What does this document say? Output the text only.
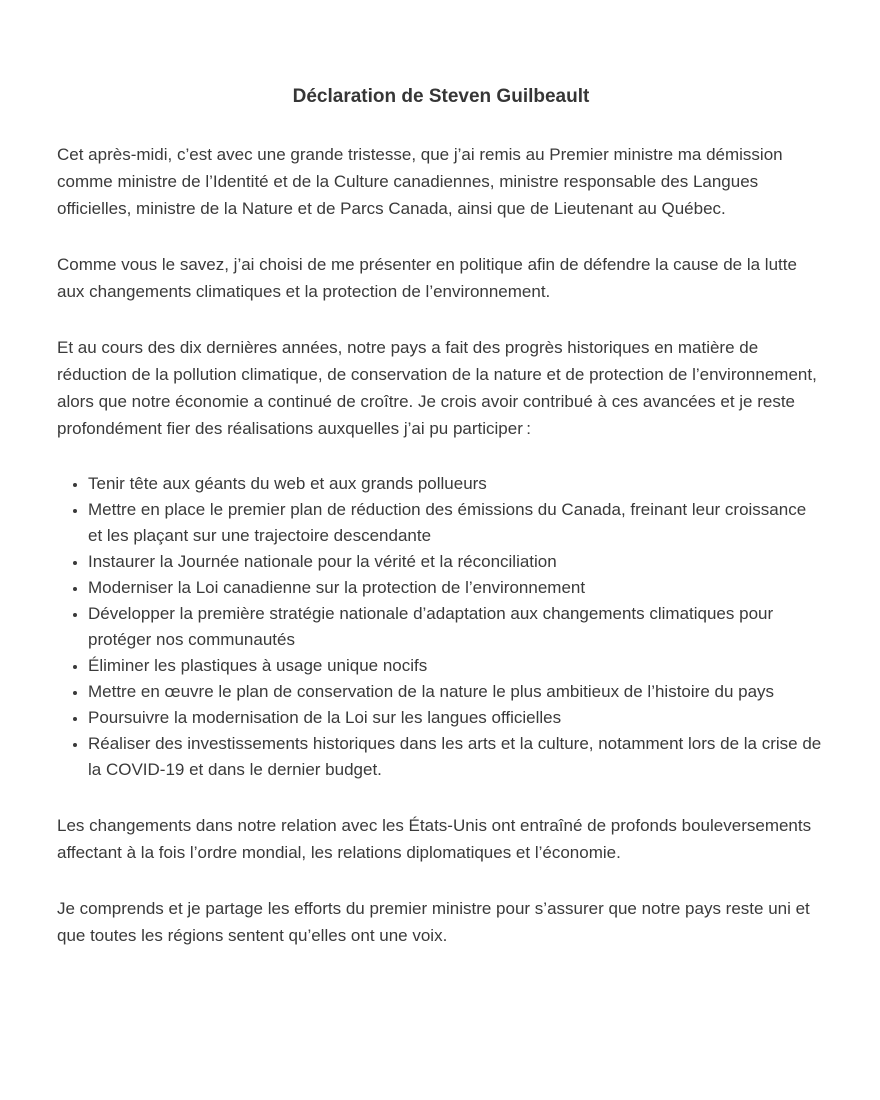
Déclaration de Steven Guilbeault

Cet après-midi, c’est avec une grande tristesse, que j’ai remis au Premier ministre ma démission comme ministre de l’Identité et de la Culture canadiennes, ministre responsable des Langues officielles, ministre de la Nature et de Parcs Canada, ainsi que de Lieutenant au Québec.

Comme vous le savez, j’ai choisi de me présenter en politique afin de défendre la cause de la lutte aux changements climatiques et la protection de l’environnement.

Et au cours des dix dernières années, notre pays a fait des progrès historiques en matière de réduction de la pollution climatique, de conservation de la nature et de protection de l’environnement, alors que notre économie a continué de croître. Je crois avoir contribué à ces avancées et je reste profondément fier des réalisations auxquelles j’ai pu participer :

• Tenir tête aux géants du web et aux grands pollueurs
• Mettre en place le premier plan de réduction des émissions du Canada, freinant leur croissance et les plaçant sur une trajectoire descendante
• Instaurer la Journée nationale pour la vérité et la réconciliation
• Moderniser la Loi canadienne sur la protection de l’environnement
• Développer la première stratégie nationale d’adaptation aux changements climatiques pour protéger nos communautés
• Éliminer les plastiques à usage unique nocifs
• Mettre en œuvre le plan de conservation de la nature le plus ambitieux de l’histoire du pays
• Poursuivre la modernisation de la Loi sur les langues officielles
• Réaliser des investissements historiques dans les arts et la culture, notamment lors de la crise de la COVID-19 et dans le dernier budget.

Les changements dans notre relation avec les États-Unis ont entraîné de profonds bouleversements affectant à la fois l’ordre mondial, les relations diplomatiques et l’économie.

Je comprends et je partage les efforts du premier ministre pour s’assurer que notre pays reste uni et que toutes les régions sentent qu’elles ont une voix.
